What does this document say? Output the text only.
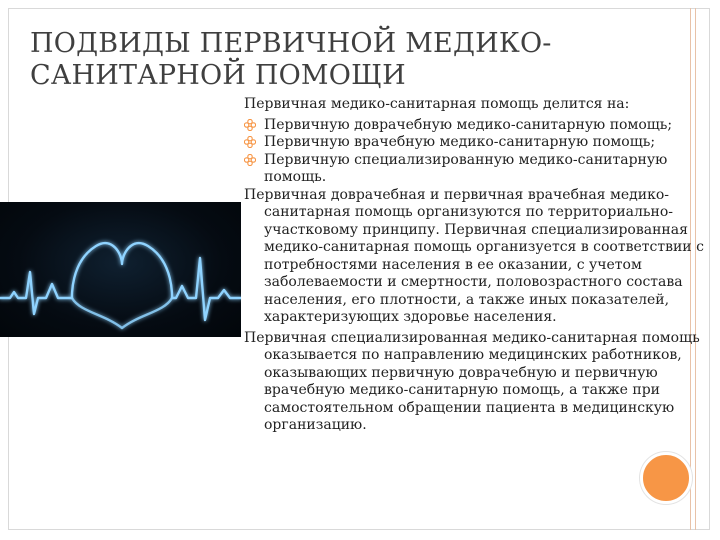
ПОДВИДЫ ПЕРВИЧНОЙ МЕДИКО-
САНИТАРНОЙ ПОМОЩИ

Первичная медико-санитарная помощь делится на:

Первичную доврачебную медико-санитарную помощь;
Первичную врачебную медико-санитарную помощь;
Первичную специализированную медико-санитарную помощь.

Первичная доврачебная и первичная врачебная медико-санитарная помощь организуются по территориально-участковому принципу. Первичная специализированная медико-санитарная помощь организуется в соответствии с потребностями населения в ее оказании, с учетом заболеваемости и смертности, половозрастного состава населения, его плотности, а также иных показателей, характеризующих здоровье населения.

Первичная специализированная медико-санитарная помощь оказывается по направлению медицинских работников, оказывающих первичную доврачебную и первичную врачебную медико-санитарную помощь, а также при самостоятельном обращении пациента в медицинскую организацию.
